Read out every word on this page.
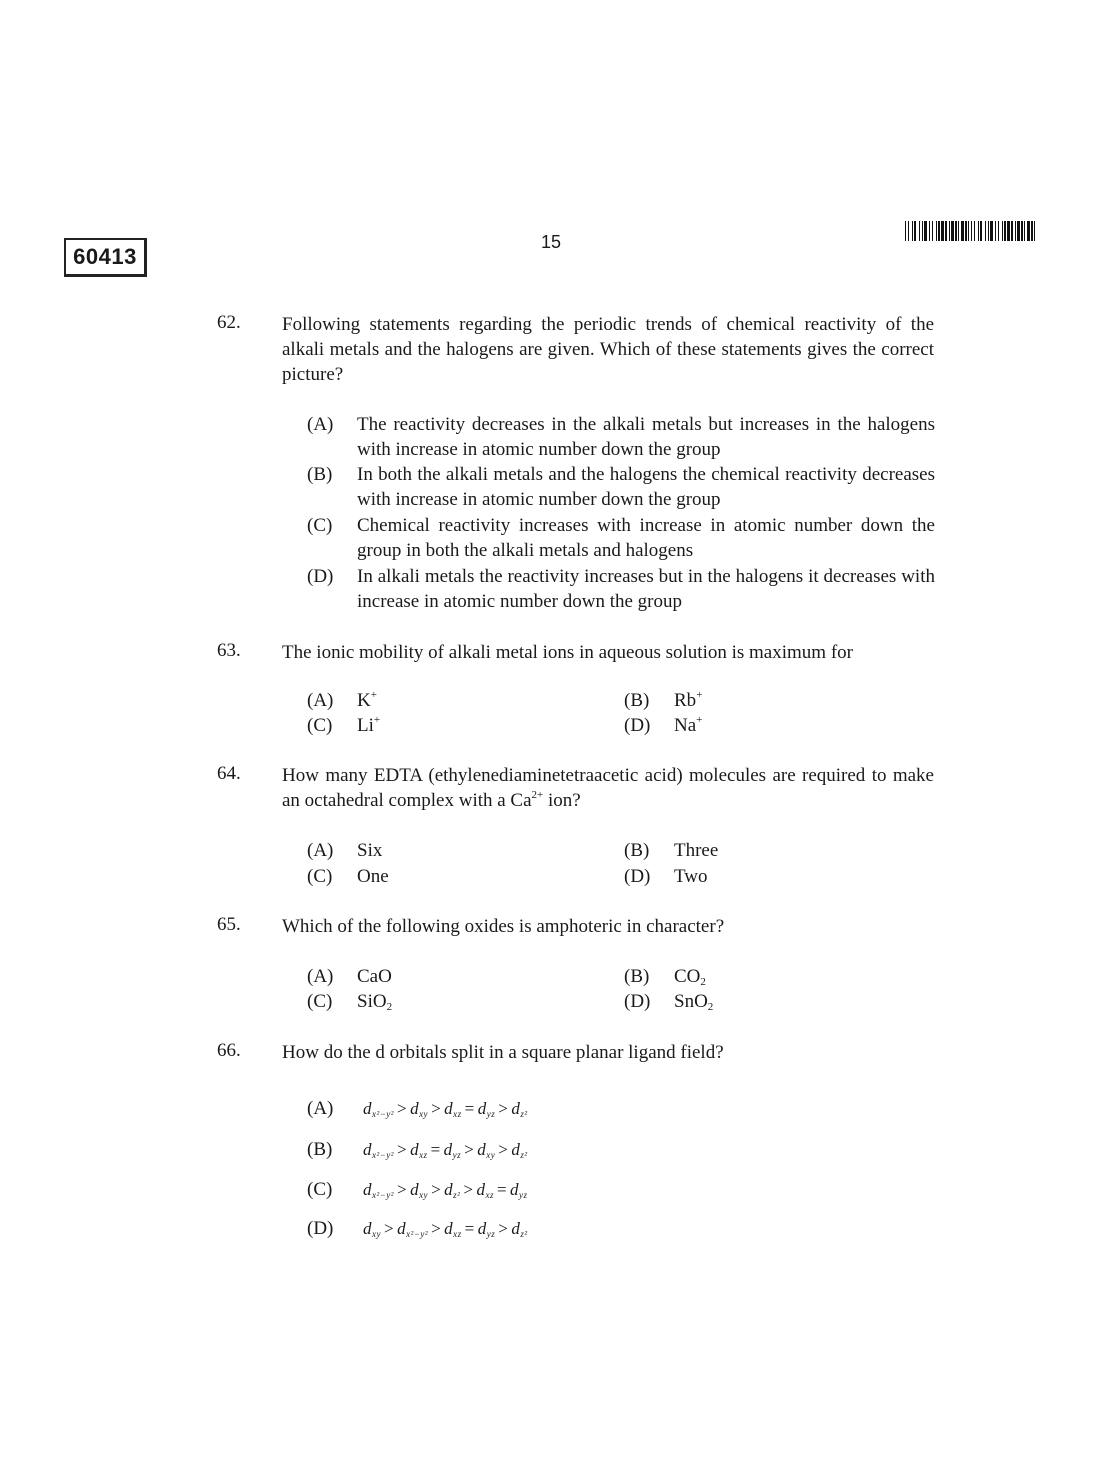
60413
15
62. Following statements regarding the periodic trends of chemical reactivity of the alkali metals and the halogens are given. Which of these statements gives the correct picture?
(A) The reactivity decreases in the alkali metals but increases in the halogens with increase in atomic number down the group
(B) In both the alkali metals and the halogens the chemical reactivity decreases with increase in atomic number down the group
(C) Chemical reactivity increases with increase in atomic number down the group in both the alkali metals and halogens
(D) In alkali metals the reactivity increases but in the halogens it decreases with increase in atomic number down the group
63. The ionic mobility of alkali metal ions in aqueous solution is maximum for
(A) K+	(B) Rb+
(C) Li+	(D) Na+
64. How many EDTA (ethylenediaminetetraacetic acid) molecules are required to make an octahedral complex with a $Ca^{2+}$ ion?
(A) Six	(B) Three
(C) One	(D) Two
65. Which of the following oxides is amphoteric in character?
(A) CaO	(B) $CO_2$
(C) SiO$_2$	(D) SnO$_2$
66. How do the d orbitals split in a square planar ligand field?
(A) $d_{x^2-y^2} > d_{xy} > d_{xz} = d_{yz} > d_{z^2}$
(B) $d_{x^2-y^2} > d_{xz} = d_{yz} > d_{xy} > d_{z^2}$
(C) $d_{x^2-y^2} > d_{xy} > d_{z^2} > d_{xz} = d_{yz}$
(D) $d_{xy} > d_{x^2-y^2} > d_{xz} = d_{yz} > d_{z^2}$
